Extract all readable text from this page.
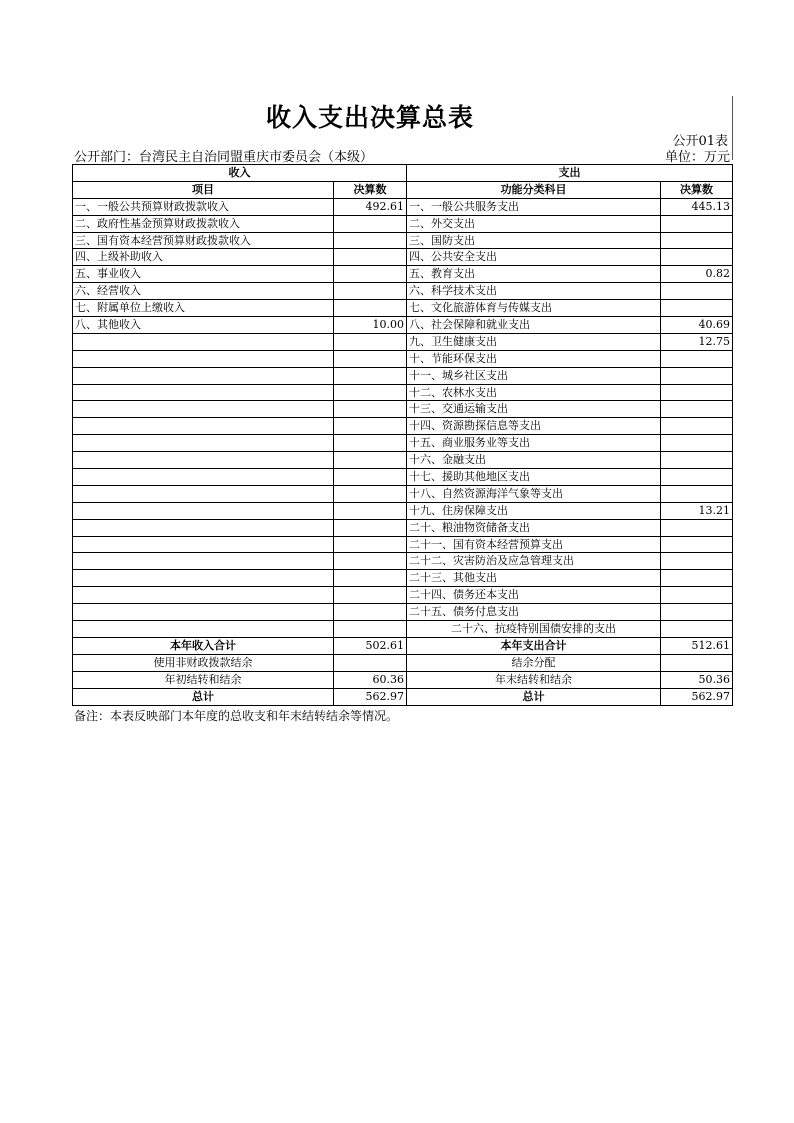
收入支出决算总表
公开01表
公开部门：台湾民主自治同盟重庆市委员会（本级）	单位：万元
收入		支出	
项目	决算数	功能分类科目	决算数
一、一般公共预算财政拨款收入	492.61	一、一般公共服务支出	445.13
二、政府性基金预算财政拨款收入		二、外交支出	
三、国有资本经营预算财政拨款收入		三、国防支出	
四、上级补助收入		四、公共安全支出	
五、事业收入		五、教育支出	0.82
六、经营收入		六、科学技术支出	
七、附属单位上缴收入		七、文化旅游体育与传媒支出	
八、其他收入	10.00	八、社会保障和就业支出	40.69
		九、卫生健康支出	12.75
		十、节能环保支出	
		十一、城乡社区支出	
		十二、农林水支出	
		十三、交通运输支出	
		十四、资源勘探信息等支出	
		十五、商业服务业等支出	
		十六、金融支出	
		十七、援助其他地区支出	
		十八、自然资源海洋气象等支出	
		十九、住房保障支出	13.21
		二十、粮油物资储备支出	
		二十一、国有资本经营预算支出	
		二十二、灾害防治及应急管理支出	
		二十三、其他支出	
		二十四、债务还本支出	
		二十五、债务付息支出	
		二十六、抗疫特别国债安排的支出	
本年收入合计	502.61	本年支出合计	512.61
使用非财政拨款结余		结余分配	
年初结转和结余	60.36	年末结转和结余	50.36
总计	562.97	总计	562.97
备注：本表反映部门本年度的总收支和年末结转结余等情况。
